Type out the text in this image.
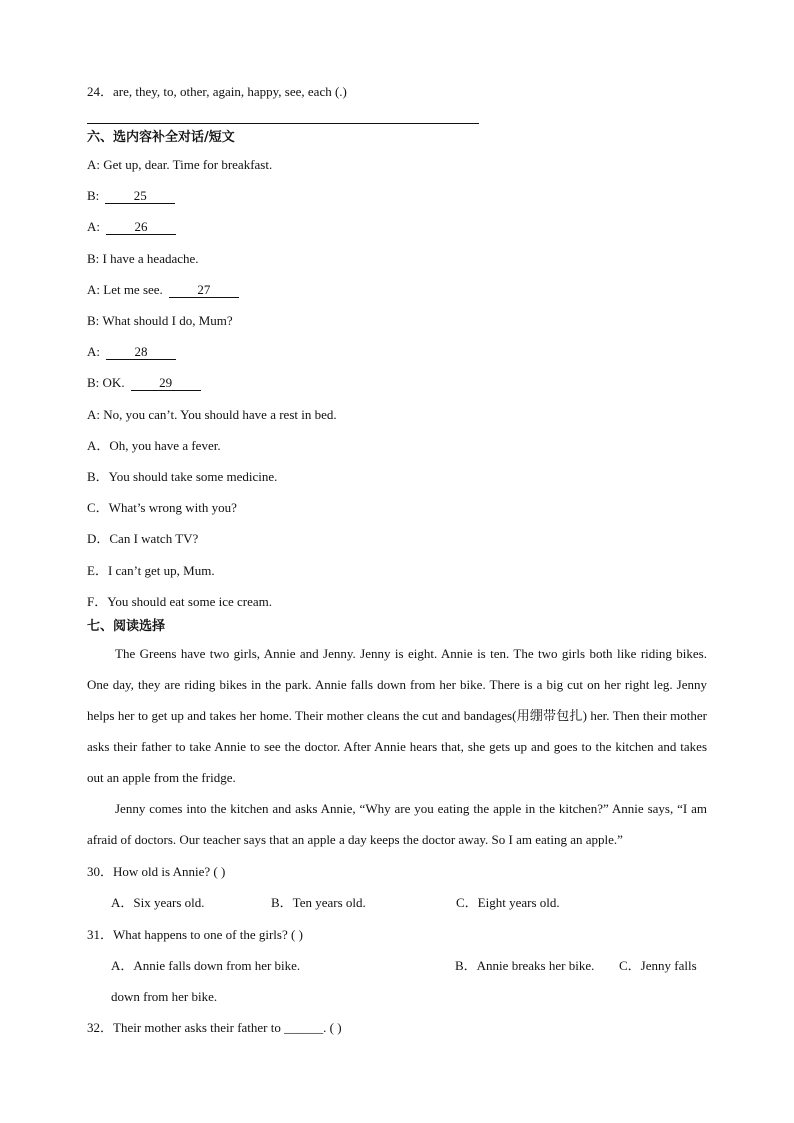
24．are, they, to, other, again, happy, see, each (.)
六、选内容补全对话/短文
A: Get up, dear. Time for breakfast.
B:	25
A:	26
B: I have a headache.
A: Let me see.	27
B: What should I do, Mum?
A:	28
B: OK.	29
A: No, you can’t. You should have a rest in bed.
A．Oh, you have a fever.
B．You should take some medicine.
C．What’s wrong with you?
D．Can I watch TV?
E．I can’t get up, Mum.
F．You should eat some ice cream.
七、阅读选择
The Greens have two girls, Annie and Jenny. Jenny is eight. Annie is ten. The two girls both like riding bikes. One day, they are riding bikes in the park. Annie falls down from her bike. There is a big cut on her right leg. Jenny helps her to get up and takes her home. Their mother cleans the cut and bandages(用绷带包扎) her. Then their mother asks their father to take Annie to see the doctor. After Annie hears that, she gets up and goes to the kitchen and takes out an apple from the fridge.
Jenny comes into the kitchen and asks Annie, “Why are you eating the apple in the kitchen?” Annie says, “I am afraid of doctors. Our teacher says that an apple a day keeps the doctor away. So I am eating an apple.”
30．How old is Annie? ( )
A．Six years old.	B．Ten years old.	C．Eight years old.
31．What happens to one of the girls? ( )
A．Annie falls down from her bike.	B．Annie breaks her bike.	C．Jenny falls down from her bike.
32．Their mother asks their father to ______. ( )
